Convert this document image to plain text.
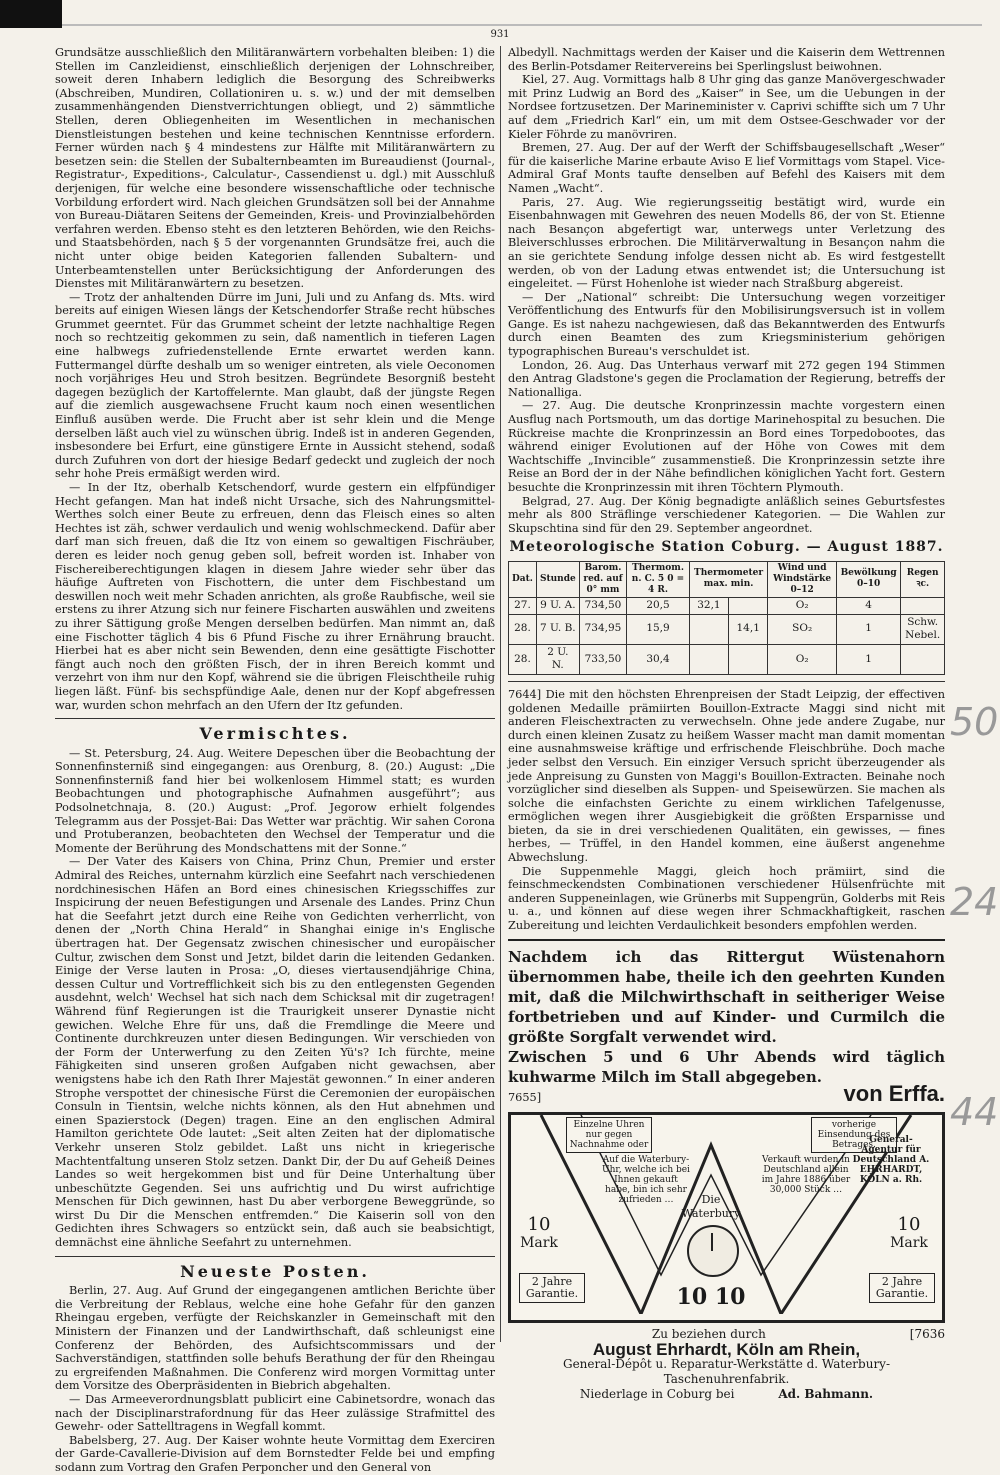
931

Grundsätze ausschließlich den Militäranwärtern vorbehalten bleiben: 1) die Stellen im Canzleidienst, einschließlich derjenigen der Lohnschreiber, soweit deren Inhabern lediglich die Besorgung des Schreibwerks (Abschreiben, Mundiren, Collationiren u. s. w.) und der mit demselben zusammenhängenden Dienstverrichtungen obliegt, und 2) sämmtliche Stellen, deren Obliegenheiten im Wesentlichen in mechanischen Dienstleistungen bestehen und keine technischen Kenntnisse erfordern. Ferner würden nach § 4 mindestens zur Hälfte mit Militäranwärtern zu besetzen sein: die Stellen der Subalternbeamten im Bureaudienst (Journal-, Registratur-, Expeditions-, Calculatur-, Cassendienst u. dgl.) mit Ausschluß derjenigen, für welche eine besondere wissenschaftliche oder technische Vorbildung erfordert wird. Nach gleichen Grundsätzen soll bei der Annahme von Bureau-Diätaren Seitens der Gemeinden, Kreis- und Provinzialbehörden verfahren werden. Ebenso steht es den letzteren Behörden, wie den Reichs- und Staatsbehörden, nach § 5 der vorgenannten Grundsätze frei, auch die nicht unter obige beiden Kategorien fallenden Subaltern- und Unterbeamtenstellen unter Berücksichtigung der Anforderungen des Dienstes mit Militäranwärtern zu besetzen.

— Trotz der anhaltenden Dürre im Juni, Juli und zu Anfang ds. Mts. wird bereits auf einigen Wiesen längs der Ketschendorfer Straße recht hübsches Grummet geerntet. Für das Grummet scheint der letzte nachhaltige Regen noch so rechtzeitig gekommen zu sein, daß namentlich in tieferen Lagen eine halbwegs zufriedenstellende Ernte erwartet werden kann. Futtermangel dürfte deshalb um so weniger eintreten, als viele Oeconomen noch vorjähriges Heu und Stroh besitzen. Begründete Besorgniß besteht dagegen bezüglich der Kartoffelernte. Man glaubt, daß der jüngste Regen auf die ziemlich ausgewachsene Frucht kaum noch einen wesentlichen Einfluß ausüben werde. Die Frucht aber ist sehr klein und die Menge derselben läßt auch viel zu wünschen übrig. Indeß ist in anderen Gegenden, insbesondere bei Erfurt, eine günstigere Ernte in Aussicht stehend, sodaß durch Zufuhren von dort der hiesige Bedarf gedeckt und zugleich der noch sehr hohe Preis ermäßigt werden wird.

— In der Itz, oberhalb Ketschendorf, wurde gestern ein elfpfündiger Hecht gefangen. Man hat indeß nicht Ursache, sich des Nahrungsmittel-Werthes solch einer Beute zu erfreuen, denn das Fleisch eines so alten Hechtes ist zäh, schwer verdaulich und wenig wohlschmeckend. Dafür aber darf man sich freuen, daß die Itz von einem so gewaltigen Fischräuber, deren es leider noch genug geben soll, befreit worden ist. Inhaber von Fischereiberechtigungen klagen in diesem Jahre wieder sehr über das häufige Auftreten von Fischottern, die unter dem Fischbestand um deswillen noch weit mehr Schaden anrichten, als große Raubfische, weil sie erstens zu ihrer Atzung sich nur feinere Fischarten auswählen und zweitens zu ihrer Sättigung große Mengen derselben bedürfen. Man nimmt an, daß eine Fischotter täglich 4 bis 6 Pfund Fische zu ihrer Ernährung braucht. Hierbei hat es aber nicht sein Bewenden, denn eine gesättigte Fischotter fängt auch noch den größten Fisch, der in ihren Bereich kommt und verzehrt von ihm nur den Kopf, während sie die übrigen Fleischtheile ruhig liegen läßt. Fünf- bis sechspfündige Aale, denen nur der Kopf abgefressen war, wurden schon mehrfach an den Ufern der Itz gefunden.

Vermischtes.

— St. Petersburg, 24. Aug. Weitere Depeschen über die Beobachtung der Sonnenfinsterniß sind eingegangen: aus Orenburg, 8. (20.) August: „Die Sonnenfinsterniß fand hier bei wolkenlosem Himmel statt; es wurden Beobachtungen und photographische Aufnahmen ausgeführt“; aus Podsolnetchnaja, 8. (20.) August: „Prof. Jegorow erhielt folgendes Telegramm aus der Possjet-Bai: Das Wetter war prächtig. Wir sahen Corona und Protuberanzen, beobachteten den Wechsel der Temperatur und die Momente der Berührung des Mondschattens mit der Sonne.“

— Der Vater des Kaisers von China, Prinz Chun, Premier und erster Admiral des Reiches, unternahm kürzlich eine Seefahrt nach verschiedenen nordchinesischen Häfen an Bord eines chinesischen Kriegsschiffes zur Inspicirung der neuen Befestigungen und Arsenale des Landes. Prinz Chun hat die Seefahrt jetzt durch eine Reihe von Gedichten verherrlicht, von denen der „North China Herald“ in Shanghai einige in's Englische übertragen hat. Der Gegensatz zwischen chinesischer und europäischer Cultur, zwischen dem Sonst und Jetzt, bildet darin die leitenden Gedanken. Einige der Verse lauten in Prosa: „O, dieses viertausendjährige China, dessen Cultur und Vortrefflichkeit sich bis zu den entlegensten Gegenden ausdehnt, welch' Wechsel hat sich nach dem Schicksal mit dir zugetragen! Während fünf Regierungen ist die Traurigkeit unserer Dynastie nicht gewichen. Welche Ehre für uns, daß die Fremdlinge die Meere und Continente durchkreuzen unter diesen Bedingungen. Wir verschieden von der Form der Unterwerfung zu den Zeiten Yü's? Ich fürchte, meine Fähigkeiten sind unseren großen Aufgaben nicht gewachsen, aber wenigstens habe ich den Rath Ihrer Majestät gewonnen.“ In einer anderen Strophe verspottet der chinesische Fürst die Ceremonien der europäischen Consuln in Tientsin, welche nichts können, als den Hut abnehmen und einen Spazierstock (Degen) tragen. Eine an den englischen Admiral Hamilton gerichtete Ode lautet: „Seit alten Zeiten hat der diplomatische Verkehr unseren Stolz gebildet. Laßt uns nicht in kriegerische Machtentfaltung unseren Stolz setzen. Dankt Dir, der Du auf Geheiß Deines Landes so weit hergekommen bist und für Deine Unterhaltung über unbeschützte Gegenden. Sei uns aufrichtig und Du wirst aufrichtige Menschen für Dich gewinnen, hast Du aber verborgene Beweggründe, so wirst Du Dir die Menschen entfremden.“ Die Kaiserin soll von den Gedichten ihres Schwagers so entzückt sein, daß auch sie beabsichtigt, demnächst eine ähnliche Seefahrt zu unternehmen.

Neueste Posten.

Berlin, 27. Aug. Auf Grund der eingegangenen amtlichen Berichte über die Verbreitung der Reblaus, welche eine hohe Gefahr für den ganzen Rheingau ergeben, verfügte der Reichskanzler in Gemeinschaft mit den Ministern der Finanzen und der Landwirthschaft, daß schleunigst eine Conferenz der Behörden, des Aufsichtscommissars und der Sachverständigen, stattfinden solle behufs Berathung der für den Rheingau zu ergreifenden Maßnahmen. Die Conferenz wird morgen Vormittag unter dem Vorsitze des Oberpräsidenten in Biebrich abgehalten.

— Das Armeeverordnungsblatt publicirt eine Cabinetsordre, wonach das nach der Disciplinarstrafordnung für das Heer zulässige Strafmittel des Gewehr- oder Sattelltragens in Wegfall kommt.

Babelsberg, 27. Aug. Der Kaiser wohnte heute Vormittag dem Exerciren der Garde-Cavallerie-Division auf dem Bornstedter Felde bei und empfing sodann zum Vortrag den Grafen Perponcher und den General von

Albedyll. Nachmittags werden der Kaiser und die Kaiserin dem Wettrennen des Berlin-Potsdamer Reitervereins bei Sperlingslust beiwohnen.

Kiel, 27. Aug. Vormittags halb 8 Uhr ging das ganze Manövergeschwader mit Prinz Ludwig an Bord des „Kaiser“ in See, um die Uebungen in der Nordsee fortzusetzen. Der Marineminister v. Caprivi schiffte sich um 7 Uhr auf dem „Friedrich Karl“ ein, um mit dem Ostsee-Geschwader vor der Kieler Föhrde zu manövriren.

Bremen, 27. Aug. Der auf der Werft der Schiffsbaugesellschaft „Weser“ für die kaiserliche Marine erbaute Aviso E lief Vormittags vom Stapel. Vice-Admiral Graf Monts taufte denselben auf Befehl des Kaisers mit dem Namen „Wacht“.

Paris, 27. Aug. Wie regierungsseitig bestätigt wird, wurde ein Eisenbahnwagen mit Gewehren des neuen Modells 86, der von St. Etienne nach Besançon abgefertigt war, unterwegs unter Verletzung des Bleiverschlusses erbrochen. Die Militärverwaltung in Besançon nahm die an sie gerichtete Sendung infolge dessen nicht ab. Es wird festgestellt werden, ob von der Ladung etwas entwendet ist; die Untersuchung ist eingeleitet. — Fürst Hohenlohe ist wieder nach Straßburg abgereist.

— Der „National“ schreibt: Die Untersuchung wegen vorzeitiger Veröffentlichung des Entwurfs für den Mobilisirungsversuch ist in vollem Gange. Es ist nahezu nachgewiesen, daß das Bekanntwerden des Entwurfs durch einen Beamten des zum Kriegsministerium gehörigen typographischen Bureau's verschuldet ist.

London, 26. Aug. Das Unterhaus verwarf mit 272 gegen 194 Stimmen den Antrag Gladstone's gegen die Proclamation der Regierung, betreffs der Nationalliga.

— 27. Aug. Die deutsche Kronprinzessin machte vorgestern einen Ausflug nach Portsmouth, um das dortige Marinehospital zu besuchen. Die Rückreise machte die Kronprinzessin an Bord eines Torpedobootes, das während einiger Evolutionen auf der Höhe von Cowes mit dem Wachtschiffe „Invincible“ zusammenstieß. Die Kronprinzessin setzte ihre Reise an Bord der in der Nähe befindlichen königlichen Yacht fort. Gestern besuchte die Kronprinzessin mit ihren Töchtern Plymouth.

Belgrad, 27. Aug. Der König begnadigte anläßlich seines Geburtsfestes mehr als 800 Sträflinge verschiedener Kategorien. — Die Wahlen zur Skupschtina sind für den 29. September angeordnet.

Meteorologische Station Coburg. — August 1887.
Dat.	Stunde	Barom. red. auf 0° mm	Thermom. n. C. 5 0 = 4 R.	Thermometer max. min.		Wind und Windstärke 0–12	Bewölkung 0–10	Regen ꝛc.
27.	9 U. A.	734,50	20,5	32,1		O₂	4	
28.	7 U. B.	734,95	15,9		14,1	SO₂	1	Schw. Nebel.
28.	2 U. N.	733,50	30,4			O₂	1	

7644] Die mit den höchsten Ehrenpreisen der Stadt Leipzig, der effectiven goldenen Medaille prämiirten Bouillon-Extracte Maggi sind nicht mit anderen Fleischextracten zu verwechseln. Ohne jede andere Zugabe, nur durch einen kleinen Zusatz zu heißem Wasser macht man damit momentan eine ausnahmsweise kräftige und erfrischende Fleischbrühe. Doch mache jeder selbst den Versuch. Ein einziger Versuch spricht überzeugender als jede Anpreisung zu Gunsten von Maggi's Bouillon-Extracten. Beinahe noch vorzüglicher sind dieselben als Suppen- und Speisewürzen. Sie machen als solche die einfachsten Gerichte zu einem wirklichen Tafelgenusse, ermöglichen wegen ihrer Ausgiebigkeit die größten Ersparnisse und bieten, da sie in drei verschiedenen Qualitäten, ein gewisses, — fines herbes, — Trüffel, in den Handel kommen, eine äußerst angenehme Abwechslung.

Die Suppenmehle Maggi, gleich hoch prämiirt, sind die feinschmeckendsten Combinationen verschiedener Hülsenfrüchte mit anderen Suppeneinlagen, wie Grünerbs mit Suppengrün, Golderbs mit Reis u. a., und können auf diese wegen ihrer Schmackhaftigkeit, raschen Zubereitung und leichten Verdaulichkeit besonders empfohlen werden.

Nachdem ich das Rittergut Wüstenahorn übernommen habe, theile ich den geehrten Kunden mit, daß die Milchwirthschaft in seitheriger Weise fortbetrieben und auf Kinder- und Curmilch die größte Sorgfalt verwendet wird.
Zwischen 5 und 6 Uhr Abends wird täglich kuhwarme Milch im Stall abgegeben.
7655]	von Erffa.
Einzelne Uhren nur gegen Nachnahme oder
vorherige Einsendung des Betrages.
Auf die Waterbury-Uhr, welche ich bei Ihnen gekauft habe, bin ich sehr zufrieden …
Verkauft wurden in Deutschland allein im Jahre 1886 über 30,000 Stück …
General-Agentur für Deutschland A. EHRHARDT, KÖLN a. Rh.
10
Mark
10
Mark
2 Jahre Garantie.
2 Jahre Garantie.
Die
Waterbury
10 10
Zu beziehen durch	[7636
August Ehrhardt, Köln am Rhein,
General-Dépôt u. Reparatur-Werkstätte d. Waterbury-Taschenuhrenfabrik.
Niederlage in Coburg bei	Ad. Bahmann.
50
24
44
